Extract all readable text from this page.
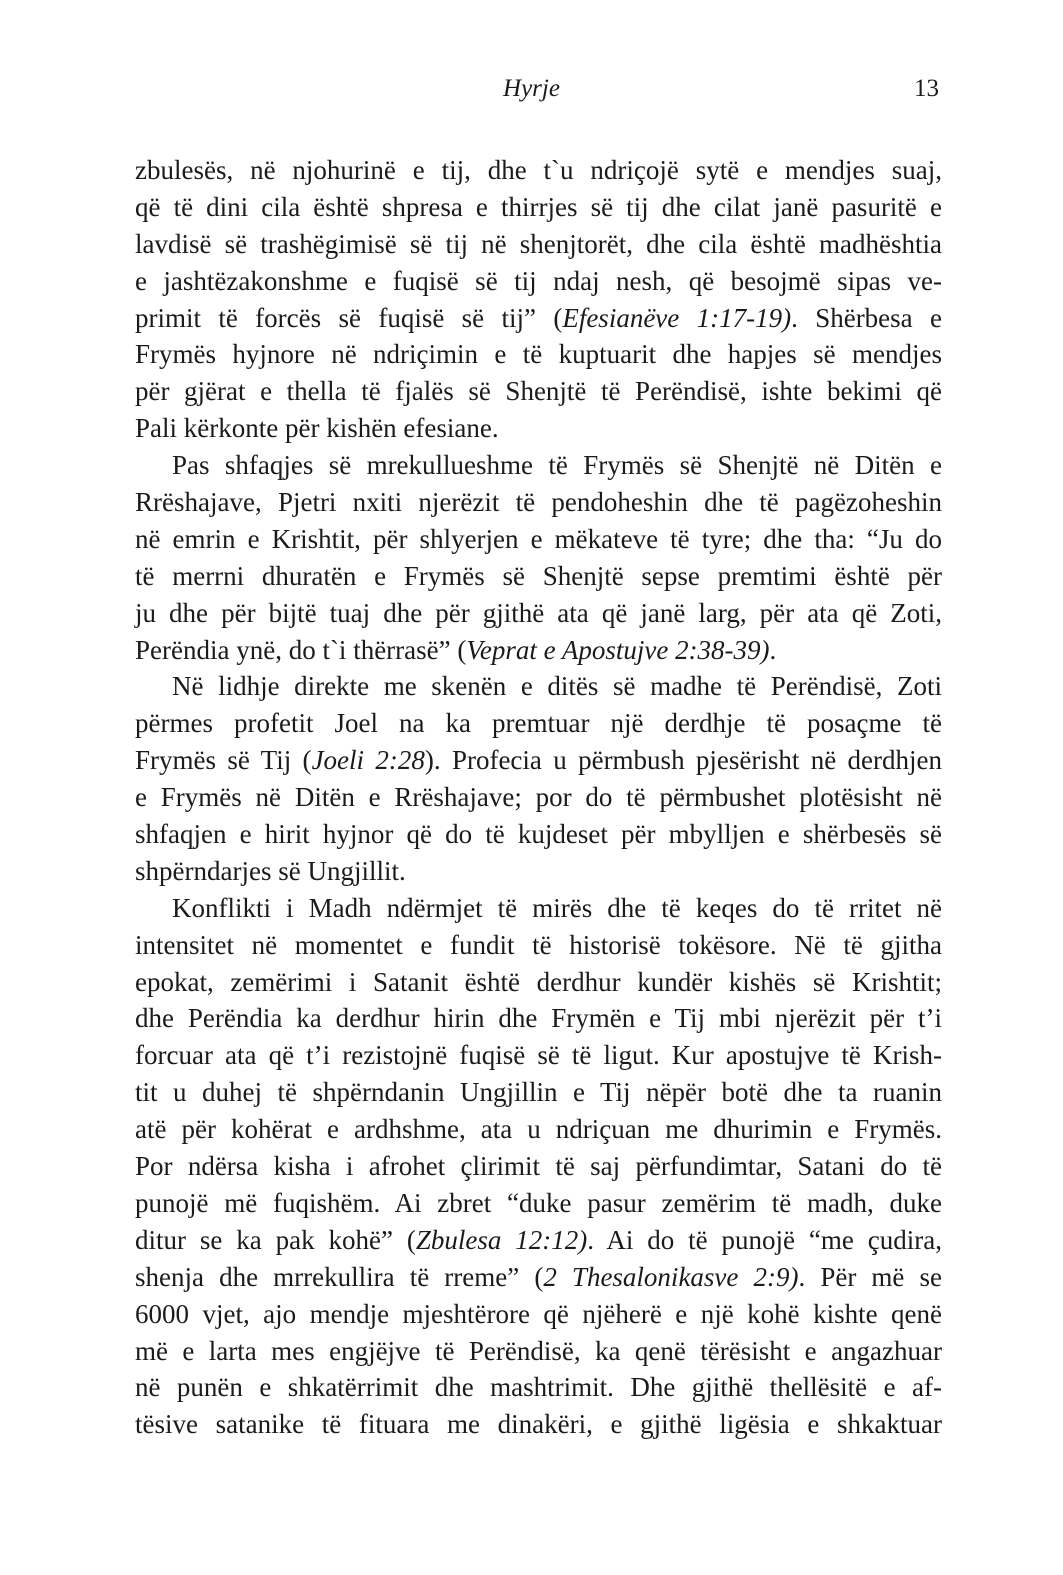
Hyrje	13

zbulesës, në njohurinë e tij, dhe t`u ndriçojë sytë e mendjes suaj,
që të dini cila është shpresa e thirrjes së tij dhe cilat janë pasuritë e
lavdisë së trashëgimisë së tij në shenjtorët, dhe cila është madhështia
e jashtëzakonshme e fuqisë së tij ndaj nesh, që besojmë sipas ve-
primit të forcës së fuqisë së tij” (Efesianëve 1:17-19). Shërbesa e
Frymës hyjnore në ndriçimin e të kuptuarit dhe hapjes së mendjes
për gjërat e thella të fjalës së Shenjtë të Perëndisë, ishte bekimi që
Pali kërkonte për kishën efesiane.

Pas shfaqjes së mrekullueshme të Frymës së Shenjtë në Ditën e
Rrëshajave, Pjetri nxiti njerëzit të pendoheshin dhe të pagëzoheshin
në emrin e Krishtit, për shlyerjen e mëkateve të tyre; dhe tha: “Ju do
të merrni dhuratën e Frymës së Shenjtë sepse premtimi është për
ju dhe për bijtë tuaj dhe për gjithë ata që janë larg, për ata që Zoti,
Perëndia ynë, do t`i thërrasë” (Veprat e Apostujve 2:38-39).

Në lidhje direkte me skenën e ditës së madhe të Perëndisë, Zoti
përmes profetit Joel na ka premtuar një derdhje të posaçme të
Frymës së Tij (Joeli 2:28). Profecia u përmbush pjesërisht në derdhjen
e Frymës në Ditën e Rrëshajave; por do të përmbushet plotësisht në
shfaqjen e hirit hyjnor që do të kujdeset për mbylljen e shërbesës së
shpërndarjes së Ungjillit.

Konflikti i Madh ndërmjet të mirës dhe të keqes do të rritet në
intensitet në momentet e fundit të historisë tokësore. Në të gjitha
epokat, zemërimi i Satanit është derdhur kundër kishës së Krishtit;
dhe Perëndia ka derdhur hirin dhe Frymën e Tij mbi njerëzit për t’i
forcuar ata që t’i rezistojnë fuqisë së të ligut. Kur apostujve të Krish-
tit u duhej të shpërndanin Ungjillin e Tij nëpër botë dhe ta ruanin
atë për kohërat e ardhshme, ata u ndriçuan me dhurimin e Frymës.
Por ndërsa kisha i afrohet çlirimit të saj përfundimtar, Satani do të
punojë më fuqishëm. Ai zbret “duke pasur zemërim të madh, duke
ditur se ka pak kohë” (Zbulesa 12:12). Ai do të punojë “me çudira,
shenja dhe mrrekullira të rreme” (2 Thesalonikasve 2:9). Për më se
6000 vjet, ajo mendje mjeshtërore që njëherë e një kohë kishte qenë
më e larta mes engjëjve të Perëndisë, ka qenë tërësisht e angazhuar
në punën e shkatërrimit dhe mashtrimit. Dhe gjithë thellësitë e af-
tësive satanike të fituara me dinakëri, e gjithë ligësia e shkaktuar
